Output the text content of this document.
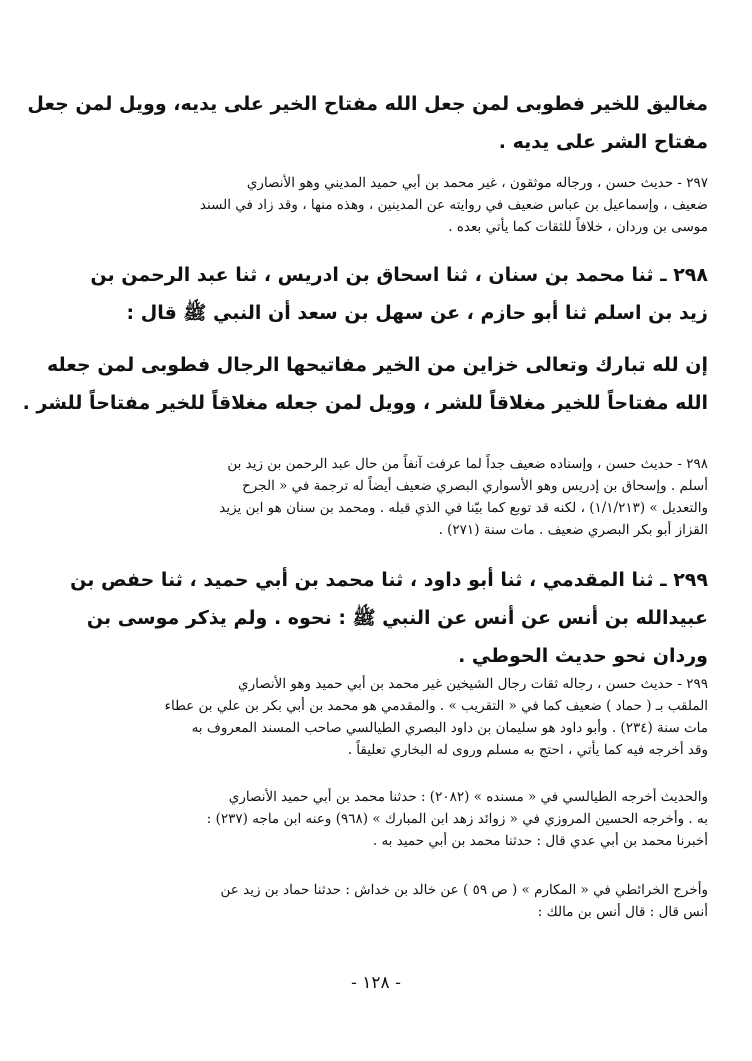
مغاليق للخير فطوبى لمن جعل الله مفتاح الخير على يديه، وويل لمن جعل
مفتاح الشر على يديه .
٢٩٧ - حديث حسن ، ورجاله موثقون ، غير محمد بن أبي حميد المديني وهو الأنصاري
ضعيف ، وإسماعيل بن عباس ضعيف في روايته عن المدينين ، وهذه منها ، وقد زاد في السند
موسى بن وردان ، خلافاً للثقات كما يأتي بعده .
٢٩٨ ـ ثنا محمد بن سنان ، ثنا اسحاق بن ادريس ، ثنا عبد الرحمن بن
زيد بن اسلم ثنا أبو حازم ، عن سهل بن سعد أن النبي ﷺ قال :
إن لله تبارك وتعالى خزاين من الخير مفاتيحها الرجال فطوبى لمن جعله
الله مفتاحاً للخير مغلاقاً للشر ، وويل لمن جعله مغلاقاً للخير مفتاحاً للشر .
٢٩٨ - حديث حسن ، وإسناده ضعيف جداً لما عرفت آنفاً من حال عبد الرحمن بن زيد بن
أسلم . وإسحاق بن إدريس وهو الأسواري البصري ضعيف أيضاً له ترجمة في « الجرح
والتعديل » (١/١/٢١٣) ، لكنه قد توبع كما بيّنا في الذي قبله . ومحمد بن سنان هو ابن يزيد
القزاز أبو بكر البصري ضعيف . مات سنة (٢٧١) .
٢٩٩ ـ ثنا المقدمي ، ثنا أبو داود ، ثنا محمد بن أبي حميد ، ثنا حفص بن
عبيدالله بن أنس عن أنس عن النبي ﷺ : نحوه . ولم يذكر موسى بن
وردان نحو حديث الحوطي .
٢٩٩ - حديث حسن ، رجاله ثقات رجال الشيخين غير محمد بن أبي حميد وهو الأنصاري
الملقب بـ ( حماد ) ضعيف كما في « التقريب » . والمقدمي هو محمد بن أبي بكر بن علي بن عطاء
مات سنة (٢٣٤) . وأبو داود هو سليمان بن داود البصري الطيالسي صاحب المسند المعروف به
وقد أخرجه فيه كما يأتي ، احتج به مسلم وروى له البخاري تعليقاً .
والحديث أخرجه الطيالسي في « مسنده » (٢٠٨٢) : حدثنا محمد بن أبي حميد الأنصاري
به . وأخرجه الحسين المروزي في « زوائد زهد ابن المبارك » (٩٦٨) وعنه ابن ماجه (٢٣٧) :
أخبرنا محمد بن أبي عدي قال : حدثنا محمد بن أبي حميد به .
وأخرج الخرائطي في « المكارم » ( ص ٥٩ ) عن خالد بن خداش : حدثنا حماد بن زيد عن
أنس قال : قال أنس بن مالك :
- ١٢٨ -
